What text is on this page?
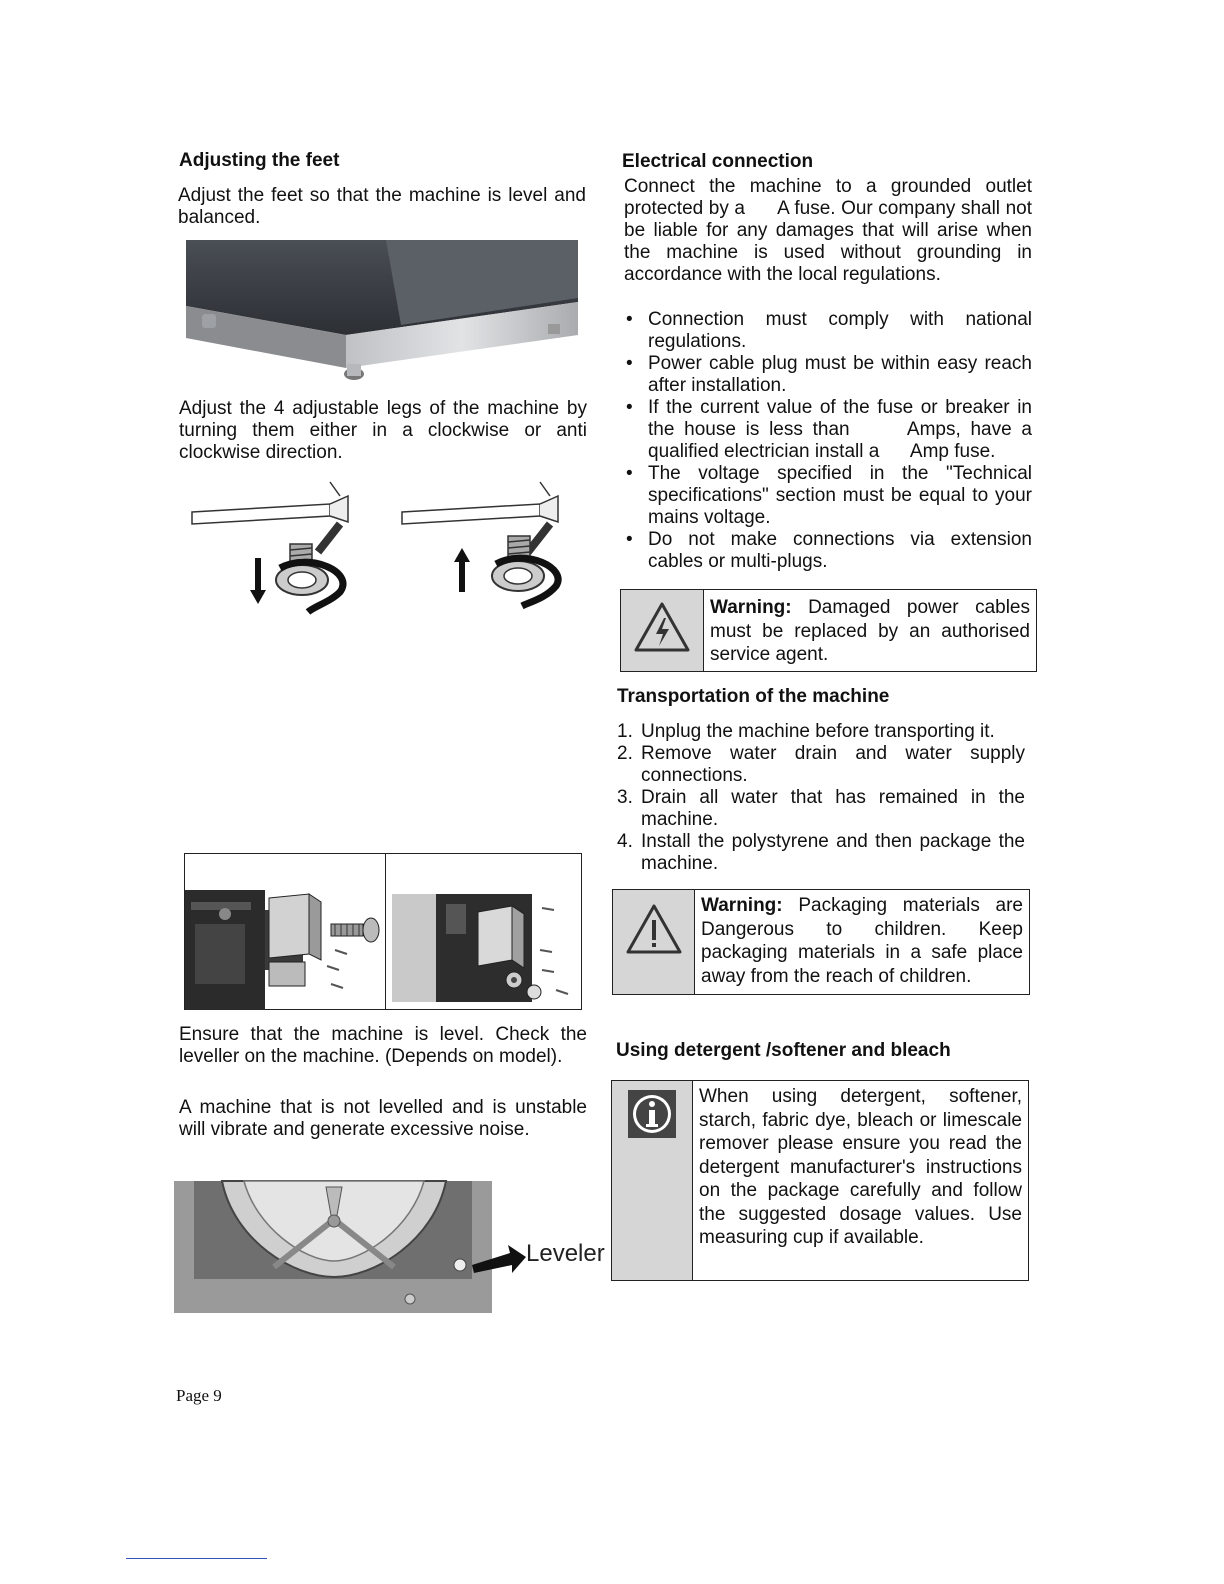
Adjusting the feet

Adjust the feet so that the machine is level and balanced.

Adjust the 4 adjustable legs of the machine by turning them either in a clockwise or anti clockwise direction.

Ensure that the machine is level. Check the leveller on the machine. (Depends on model).

A machine that is not levelled and is unstable will vibrate and generate excessive noise.

Leveler
Page 9
Electrical connection

Connect the machine to a grounded outlet protected by a      A fuse. Our company shall not be liable for any damages that will arise when the machine is used without grounding in accordance with the local regulations.

• Connection must comply with national regulations.
• Power cable plug must be within easy reach after installation.
• If the current value of the fuse or breaker in the house is less than      Amps, have a qualified electrician install a      Amp fuse.
• The voltage specified in the "Technical specifications" section must be equal to your mains voltage.
• Do not make connections via extension cables or multi-plugs.
Warning: Damaged power cables must be replaced by an authorised service agent.
Transportation of the machine
1. Unplug the machine before transporting it.
2. Remove water drain and water supply connections.
3. Drain all water that has remained in the machine.
4. Install the polystyrene and then package the machine.
Warning: Packaging materials are Dangerous to children. Keep packaging materials in a safe place away from the reach of children.
Using detergent /softener and bleach
When using detergent, softener, starch, fabric dye, bleach or limescale remover please ensure you read the detergent manufacturer's instructions on the package carefully and follow the suggested dosage values. Use measuring cup if available.
